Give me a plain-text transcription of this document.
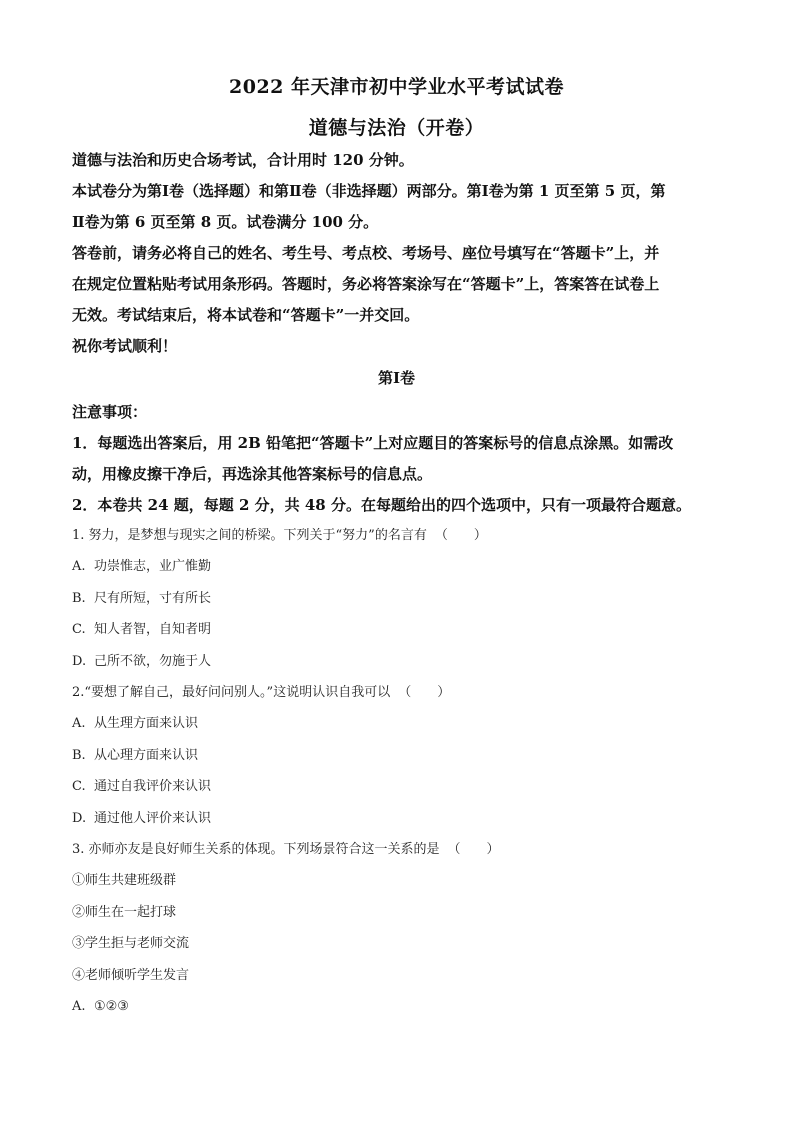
2022 年天津市初中学业水平考试试卷
道德与法治（开卷）
道德与法治和历史合场考试，合计用时 120 分钟。
本试卷分为第Ⅰ卷（选择题）和第Ⅱ卷（非选择题）两部分。第Ⅰ卷为第 1 页至第 5 页，第
Ⅱ卷为第 6 页至第 8 页。试卷满分 100 分。
答卷前，请务必将自己的姓名、考生号、考点校、考场号、座位号填写在“答题卡”上，并
在规定位置粘贴考试用条形码。答题时，务必将答案涂写在“答题卡”上，答案答在试卷上
无效。考试结束后，将本试卷和“答题卡”一并交回。
祝你考试顺利！
第Ⅰ卷
注意事项：
1．每题选出答案后，用 2B 铅笔把“答题卡”上对应题目的答案标号的信息点涂黑。如需改
动，用橡皮擦干净后，再选涂其他答案标号的信息点。
2．本卷共 24 题，每题 2 分，共 48 分。在每题给出的四个选项中，只有一项最符合题意。
1. 努力，是梦想与现实之间的桥梁。下列关于“努力”的名言有 （　　）
A. 功崇惟志，业广惟勤
B. 尺有所短，寸有所长
C. 知人者智，自知者明
D. 己所不欲，勿施于人
2.“要想了解自己，最好问问别人。”这说明认识自我可以 （　　）
A. 从生理方面来认识
B. 从心理方面来认识
C. 通过自我评价来认识
D. 通过他人评价来认识
3. 亦师亦友是良好师生关系的体现。下列场景符合这一关系的是 （　　）
①师生共建班级群
②师生在一起打球
③学生拒与老师交流
④老师倾听学生发言
A. ①②③
